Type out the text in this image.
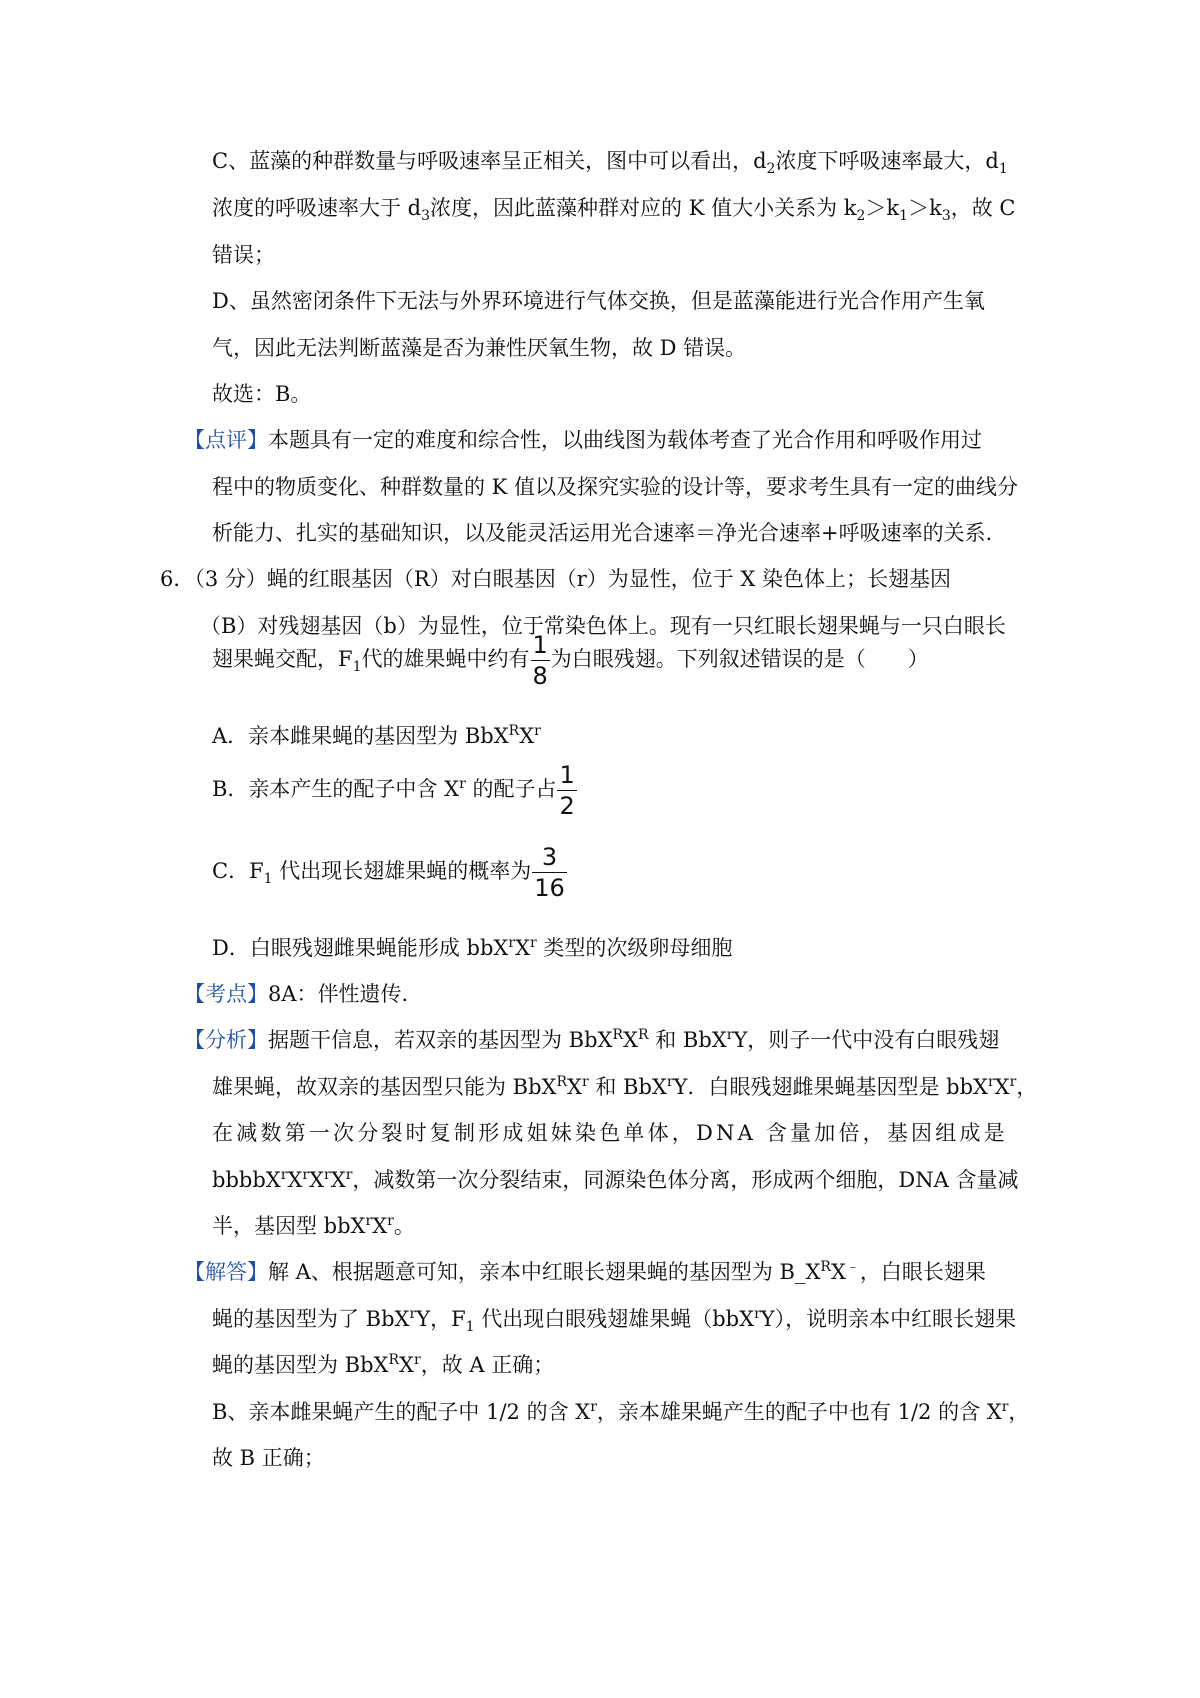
C、蓝藻的种群数量与呼吸速率呈正相关，图中可以看出，$d_2$浓度下呼吸速率最大，$d_1$
浓度的呼吸速率大于 $d_3$浓度，因此蓝藻种群对应的 K 值大小关系为 $k_2>k_1>k_3$，故 C
错误；
D、虽然密闭条件下无法与外界环境进行气体交换，但是蓝藻能进行光合作用产生氧
气，因此无法判断蓝藻是否为兼性厌氧生物，故 D 错误。
故选：B。
【点评】本题具有一定的难度和综合性，以曲线图为载体考查了光合作用和呼吸作用过
程中的物质变化、种群数量的 K 值以及探究实验的设计等，要求考生具有一定的曲线分
析能力、扎实的基础知识，以及能灵活运用光合速率＝净光合速率+呼吸速率的关系．
6．（3 分）蝇的红眼基因（R）对白眼基因（r）为显性，位于 X 染色体上；长翅基因
（B）对残翅基因（b）为显性，位于常染色体上。现有一只红眼长翅果蝇与一只白眼长
翅果蝇交配，$F_1$代的雄果蝇中约有 $\frac{1}{8}$ 为白眼残翅。下列叙述错误的是（　　）
A．亲本雌果蝇的基因型为 $BbX^RX^r$
B．亲本产生的配子中含 $X^r$ 的配子占 $\frac{1}{2}$
C．$F_1$ 代出现长翅雄果蝇的概率为 $\frac{3}{16}$
D．白眼残翅雌果蝇能形成 $bbX^rX^r$ 类型的次级卵母细胞
【考点】8A：伴性遗传．
【分析】据题干信息，若双亲的基因型为 $BbX^RX^R$ 和 BbX$^r$Y，则子一代中没有白眼残翅
雄果蝇，故双亲的基因型只能为 $BbX^RX^r$ 和 BbX$^r$Y．白眼残翅雌果蝇基因型是 $bbX^rX^r$，
在减数第一次分裂时复制形成姐妹染色单体，DNA 含量加倍，基因组成是
$bbbbX^rX^rX^rX^r$，减数第一次分裂结束，同源染色体分离，形成两个细胞，DNA 含量减
半，基因型 $bbX^rX^r$。
【解答】解 A、根据题意可知，亲本中红眼长翅果蝇的基因型为 $B\_X^RX^﹣$，白眼长翅果
蝇的基因型为了 BbX$^r$Y，$F_1$ 代出现白眼残翅雄果蝇（bbX$^r$Y），说明亲本中红眼长翅果
蝇的基因型为 $BbX^RX^r$，故 A 正确；
B、亲本雌果蝇产生的配子中 1/2 的含 $X^r$，亲本雄果蝇产生的配子中也有 1/2 的含 $X^r$，
故 B 正确；
